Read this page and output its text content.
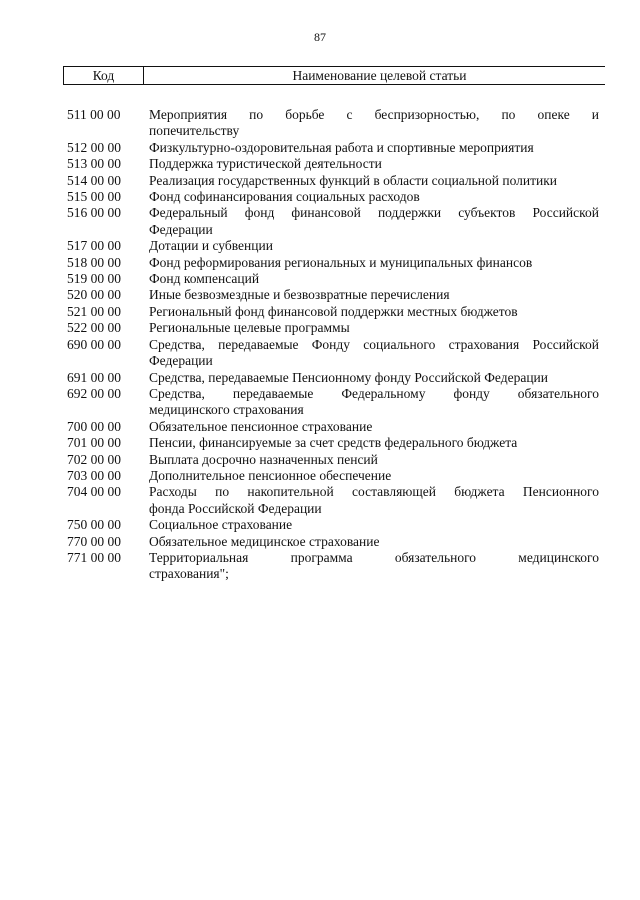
87
Код	Наименование целевой статьи
511 00 00	Мероприятия по борьбе с беспризорностью, по опеке и
попечительству
512 00 00	Физкультурно-оздоровительная работа и спортивные мероприятия
513 00 00	Поддержка туристической деятельности
514 00 00	Реализация государственных функций в области социальной политики
515 00 00	Фонд софинансирования социальных расходов
516 00 00	Федеральный фонд финансовой поддержки субъектов Российской
Федерации
517 00 00	Дотации и субвенции
518 00 00	Фонд реформирования региональных и муниципальных финансов
519 00 00	Фонд компенсаций
520 00 00	Иные безвозмездные и безвозвратные перечисления
521 00 00	Региональный фонд финансовой поддержки местных бюджетов
522 00 00	Региональные целевые программы
690 00 00	Средства, передаваемые Фонду социального страхования Российской
Федерации
691 00 00	Средства, передаваемые Пенсионному фонду Российской Федерации
692 00 00	Средства, передаваемые Федеральному фонду обязательного
медицинского страхования
700 00 00	Обязательное пенсионное страхование
701 00 00	Пенсии, финансируемые за счет средств федерального бюджета
702 00 00	Выплата досрочно назначенных пенсий
703 00 00	Дополнительное пенсионное обеспечение
704 00 00	Расходы по накопительной составляющей бюджета Пенсионного
фонда Российской Федерации
750 00 00	Социальное страхование
770 00 00	Обязательное медицинское страхование
771 00 00	Территориальная программа обязательного медицинского
страхования";
